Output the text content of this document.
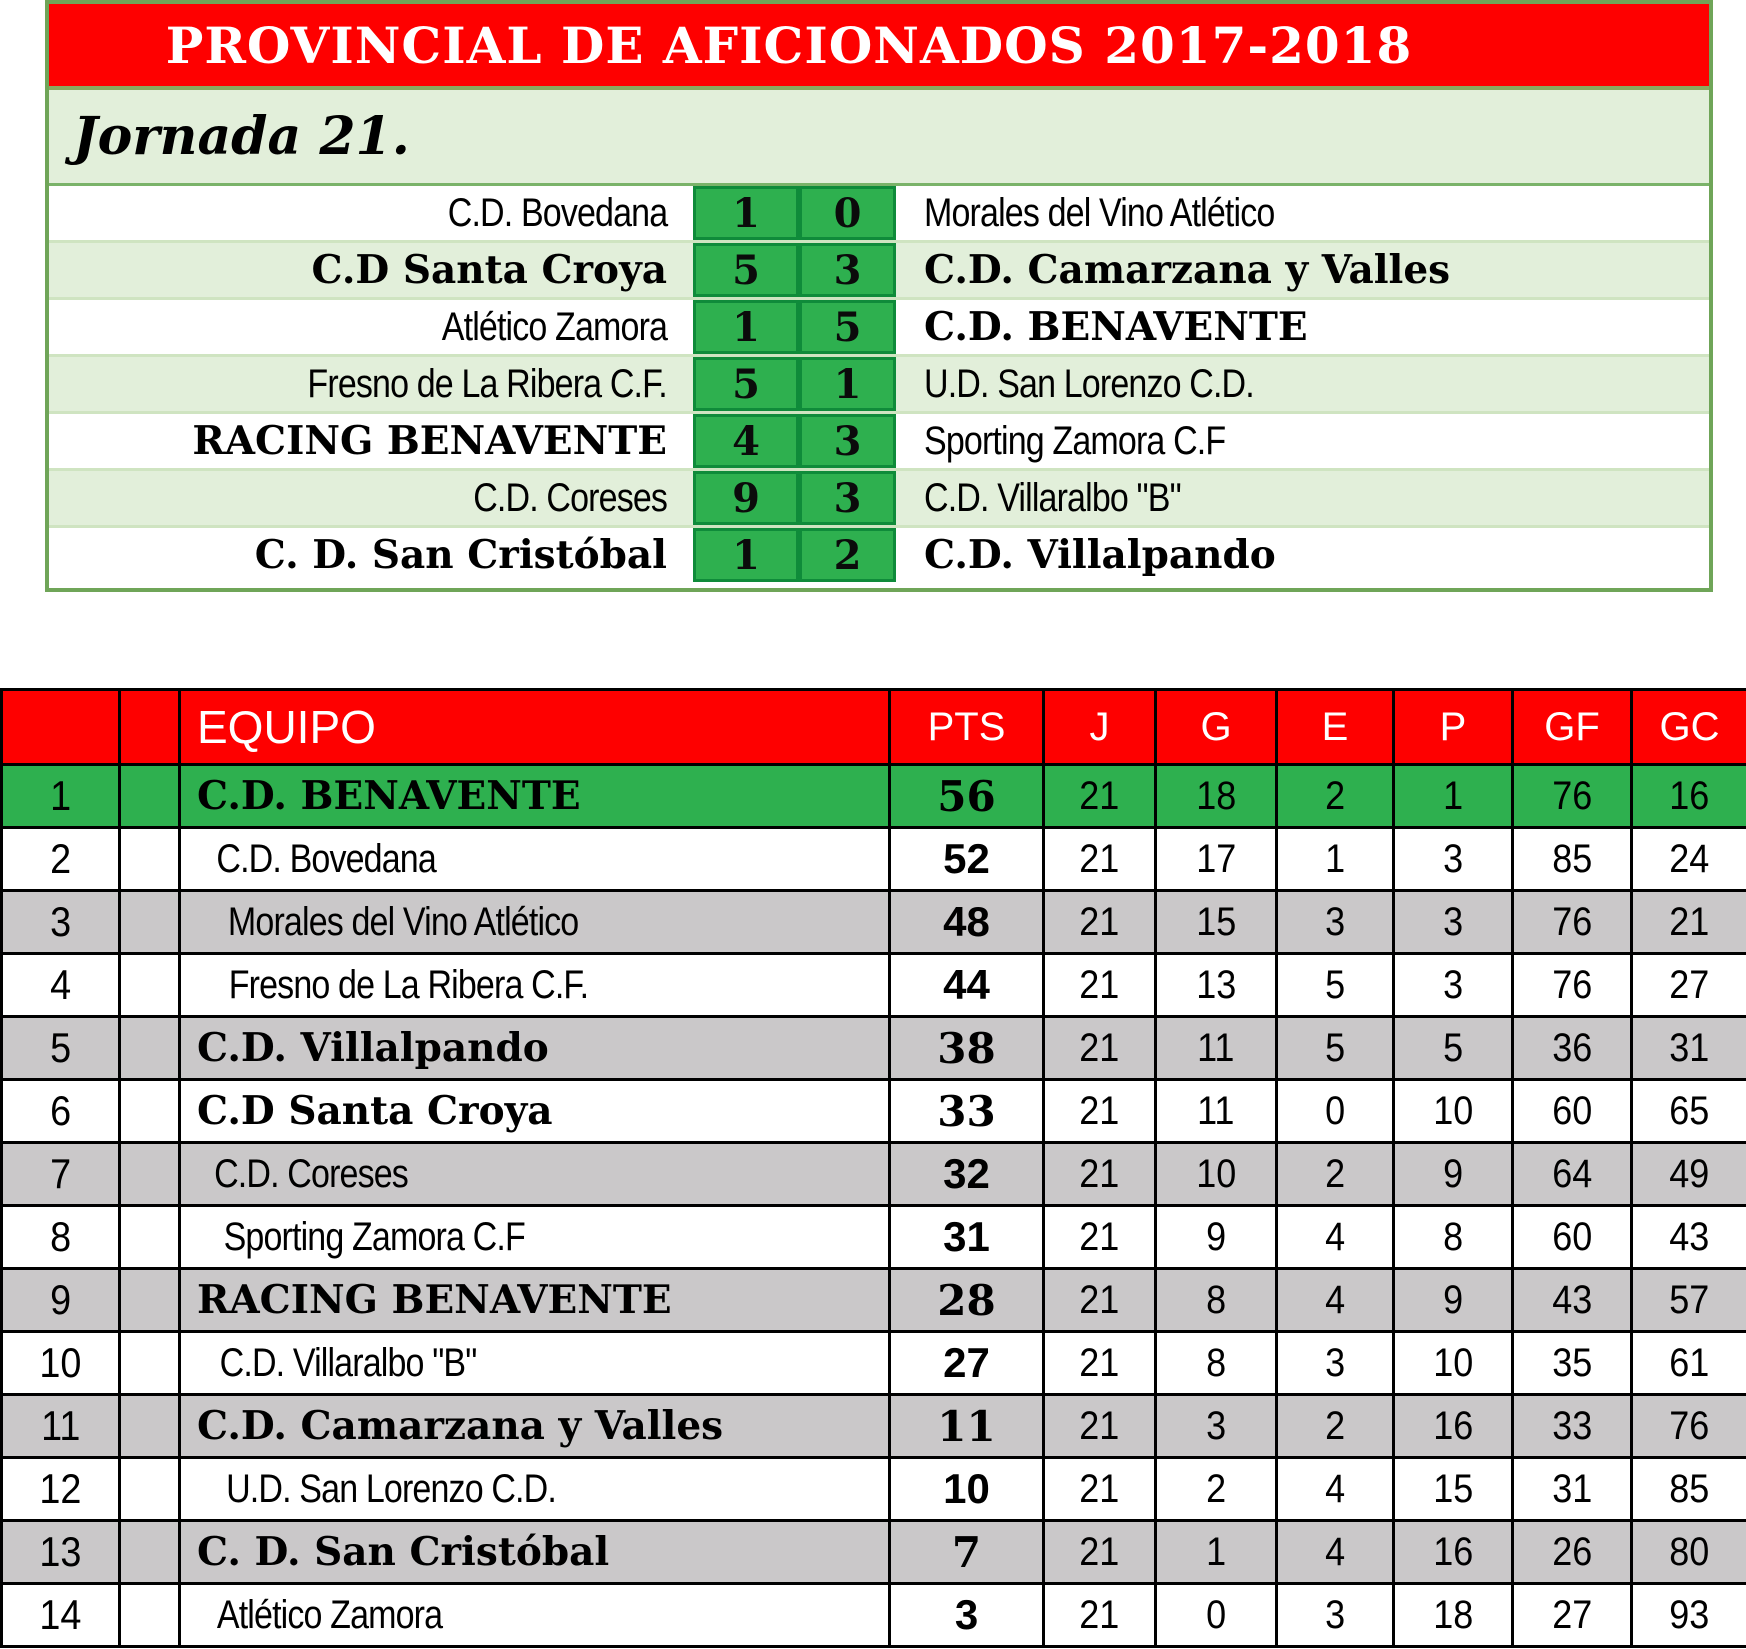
PROVINCIAL DE AFICIONADOS 2017-2018
Jornada 21.
C.D. Bovedana 1 0 Morales del Vino Atlético
C.D Santa Croya 5 3 C.D. Camarzana y Valles
Atlético Zamora 1 5 C.D. BENAVENTE
Fresno de La Ribera C.F. 5 1 U.D. San Lorenzo C.D.
RACING BENAVENTE 4 3 Sporting Zamora C.F
C.D. Coreses 9 3 C.D. Villaralbo "B"
C. D. San Cristóbal 1 2 C.D. Villalpando
		EQUIPO	PTS	J	G	E	P	GF	GC
1		C.D. BENAVENTE	56	21	18	2	1	76	16
2		C.D. Bovedana	52	21	17	1	3	85	24
3		Morales del Vino Atlético	48	21	15	3	3	76	21
4		Fresno de La Ribera C.F.	44	21	13	5	3	76	27
5		C.D. Villalpando	38	21	11	5	5	36	31
6		C.D Santa Croya	33	21	11	0	10	60	65
7		C.D. Coreses	32	21	10	2	9	64	49
8		Sporting Zamora C.F	31	21	9	4	8	60	43
9		RACING BENAVENTE	28	21	8	4	9	43	57
10		C.D. Villaralbo "B"	27	21	8	3	10	35	61
11		C.D. Camarzana y Valles	11	21	3	2	16	33	76
12		U.D. San Lorenzo C.D.	10	21	2	4	15	31	85
13		C. D. San Cristóbal	7	21	1	4	16	26	80
14		Atlético Zamora	3	21	0	3	18	27	93
